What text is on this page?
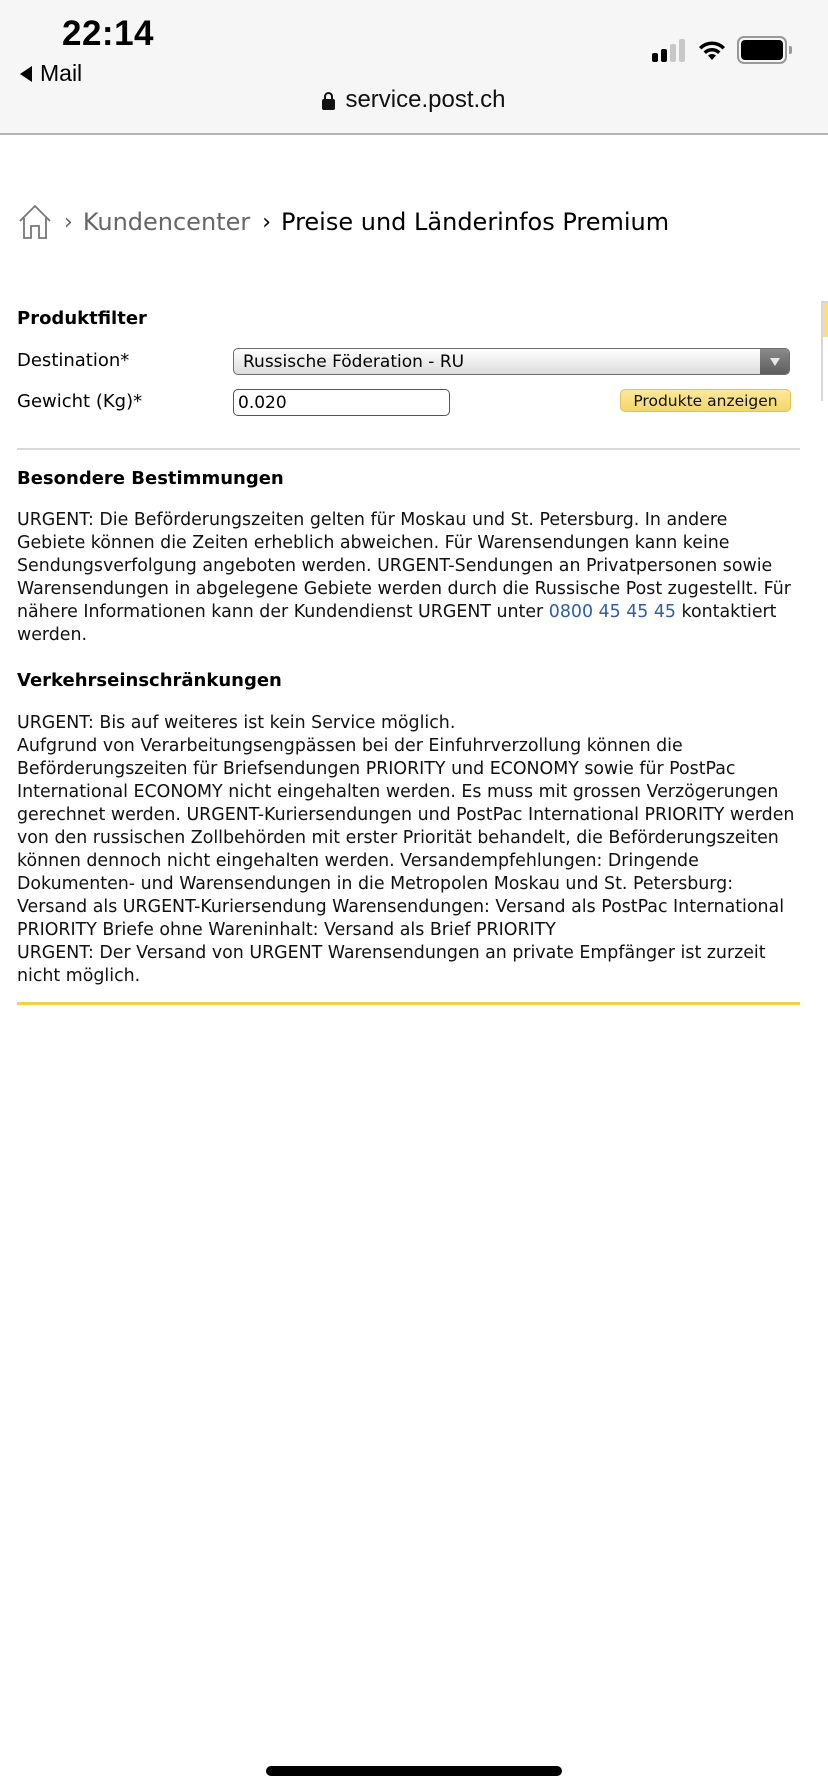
22:14
Mail
service.post.ch
› Kundencenter › Preise und Länderinfos Premium
Produktfilter
Destination*	Russische Föderation - RU
Gewicht (Kg)*
0.020	Produkte anzeigen
Besondere Bestimmungen
URGENT: Die Beförderungszeiten gelten für Moskau und St. Petersburg. In andere
Gebiete können die Zeiten erheblich abweichen. Für Warensendungen kann keine
Sendungsverfolgung angeboten werden. URGENT-Sendungen an Privatpersonen sowie
Warensendungen in abgelegene Gebiete werden durch die Russische Post zugestellt. Für
nähere Informationen kann der Kundendienst URGENT unter 0800 45 45 45 kontaktiert
werden.
Verkehrseinschränkungen
URGENT: Bis auf weiteres ist kein Service möglich.
Aufgrund von Verarbeitungsengpässen bei der Einfuhrverzollung können die
Beförderungszeiten für Briefsendungen PRIORITY und ECONOMY sowie für PostPac
International ECONOMY nicht eingehalten werden. Es muss mit grossen Verzögerungen
gerechnet werden. URGENT-Kuriersendungen und PostPac International PRIORITY werden
von den russischen Zollbehörden mit erster Priorität behandelt, die Beförderungszeiten
können dennoch nicht eingehalten werden. Versandempfehlungen: Dringende
Dokumenten- und Warensendungen in die Metropolen Moskau und St. Petersburg:
Versand als URGENT-Kuriersendung Warensendungen: Versand als PostPac International
PRIORITY Briefe ohne Wareninhalt: Versand als Brief PRIORITY
URGENT: Der Versand von URGENT Warensendungen an private Empfänger ist zurzeit
nicht möglich.
